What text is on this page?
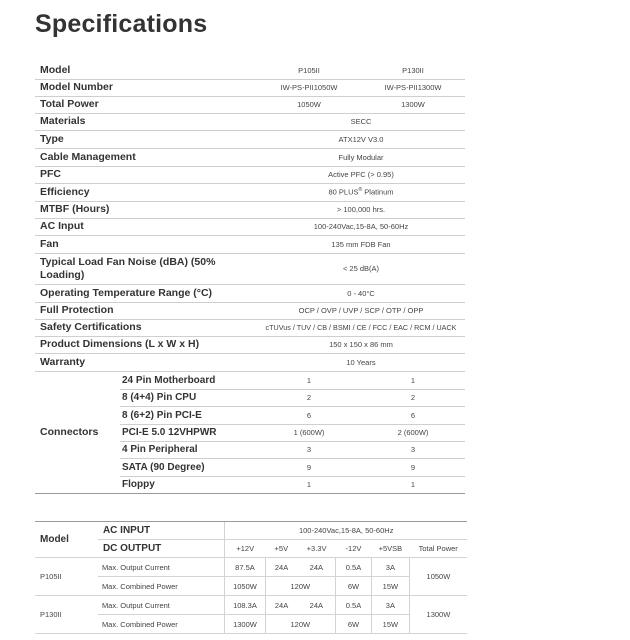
Specifications
Model		P105II	P130II
Model Number		IW-PS-PII1050W	IW-PS-PII1300W
Total Power		1050W	1300W
Materials		SECC	
Type		ATX12V V3.0	
Cable Management		Fully Modular	
PFC		Active PFC (> 0.95)	
Efficiency		80 PLUS® Platinum	
MTBF (Hours)		> 100,000 hrs.	
AC Input		100-240Vac,15-8A, 50-60Hz	
Fan		135 mm FDB Fan	
Typical Load Fan Noise (dBA) (50% Loading)		< 25 dB(A)	
Operating Temperature Range (°C)		0 - 40°C	
Full Protection		OCP / OVP / UVP / SCP / OTP / OPP	
Safety Certifications		cTUVus / TUV / CB / BSMI / CE / FCC / EAC / RCM / UACK	
Product Dimensions (L x W x H)		150 x 150 x 86 mm	
Warranty		10 Years	
Connectors	24 Pin Motherboard	1	1
	8 (4+4) Pin CPU	2	2
	8 (6+2) Pin PCI-E	6	6
	PCI-E 5.0 12VHPWR	1 (600W)	2 (600W)
	4 Pin Peripheral	3	3
	SATA (90 Degree)	9	9
	Floppy	1	1
Model	AC INPUT	100-240Vac,15-8A, 50-60Hz					
	DC OUTPUT	+12V	+5V	+3.3V	-12V	+5VSB	Total Power
P105II	Max. Output Current	87.5A	24A	24A	0.5A	3A	1050W
	Max. Combined Power	1050W	120W		6W	15W	
P130II	Max. Output Current	108.3A	24A	24A	0.5A	3A	1300W
	Max. Combined Power	1300W	120W		6W	15W	
